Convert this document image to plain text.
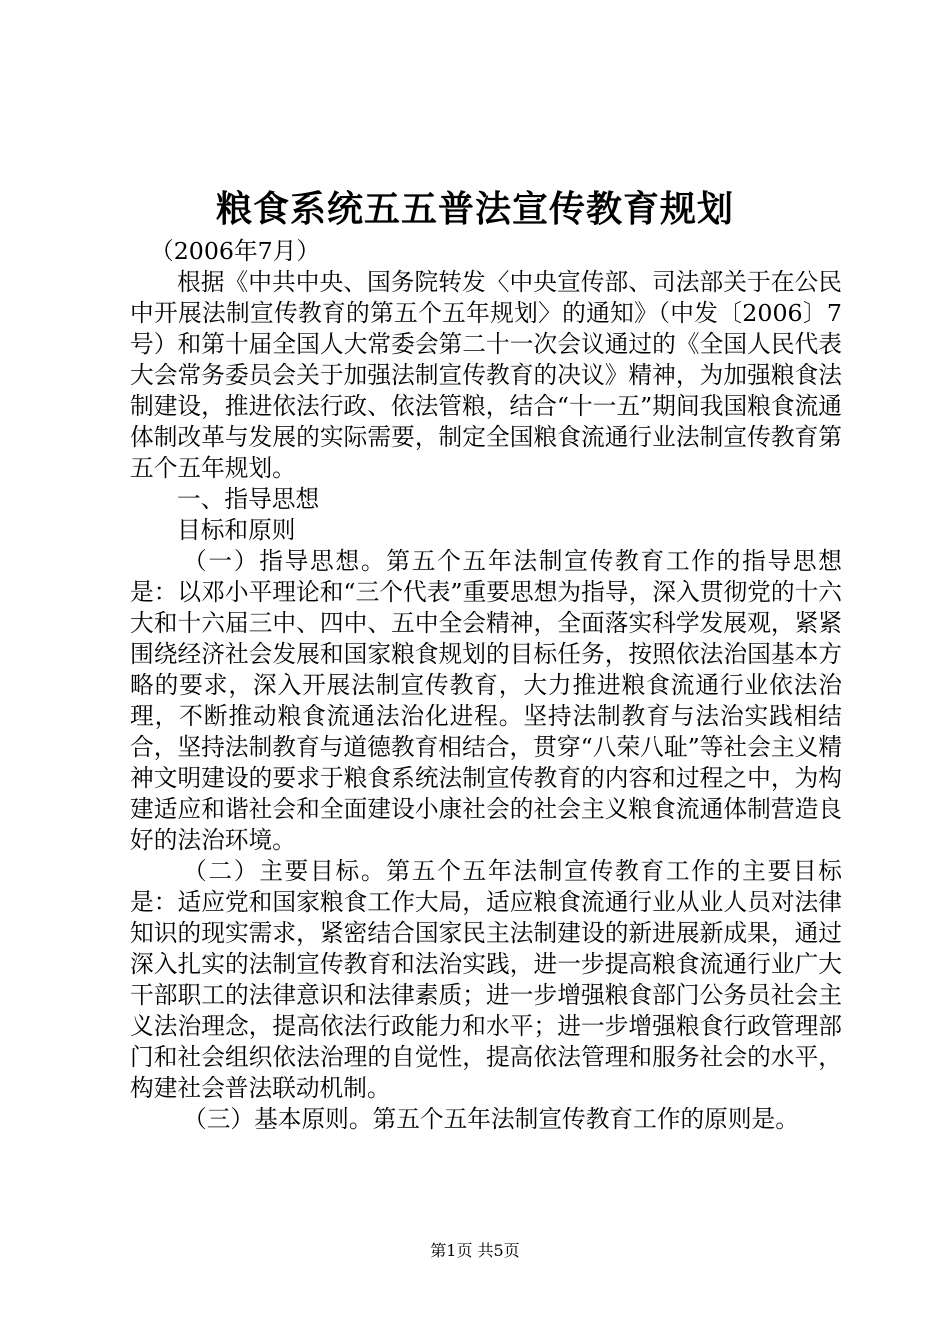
粮食系统五五普法宣传教育规划

（2006年7月）

根据《中共中央、国务院转发〈中央宣传部、司法部关于在公民中开展法制宣传教育的第五个五年规划〉的通知》（中发〔2006〕7号）和第十届全国人大常委会第二十一次会议通过的《全国人民代表大会常务委员会关于加强法制宣传教育的决议》精神，为加强粮食法制建设，推进依法行政、依法管粮，结合“十一五”期间我国粮食流通体制改革与发展的实际需要，制定全国粮食流通行业法制宣传教育第五个五年规划。

一、指导思想

目标和原则

（一）指导思想。第五个五年法制宣传教育工作的指导思想是：以邓小平理论和“三个代表”重要思想为指导，深入贯彻党的十六大和十六届三中、四中、五中全会精神，全面落实科学发展观，紧紧围绕经济社会发展和国家粮食规划的目标任务，按照依法治国基本方略的要求，深入开展法制宣传教育，大力推进粮食流通行业依法治理，不断推动粮食流通法治化进程。坚持法制教育与法治实践相结合，坚持法制教育与道德教育相结合，贯穿“八荣八耻”等社会主义精神文明建设的要求于粮食系统法制宣传教育的内容和过程之中，为构建适应和谐社会和全面建设小康社会的社会主义粮食流通体制营造良好的法治环境。

（二）主要目标。第五个五年法制宣传教育工作的主要目标是：适应党和国家粮食工作大局，适应粮食流通行业从业人员对法律知识的现实需求，紧密结合国家民主法制建设的新进展新成果，通过深入扎实的法制宣传教育和法治实践，进一步提高粮食流通行业广大干部职工的法律意识和法律素质；进一步增强粮食部门公务员社会主义法治理念，提高依法行政能力和水平；进一步增强粮食行政管理部门和社会组织依法治理的自觉性，提高依法管理和服务社会的水平，构建社会普法联动机制。

（三）基本原则。第五个五年法制宣传教育工作的原则是。

第1页 共5页
